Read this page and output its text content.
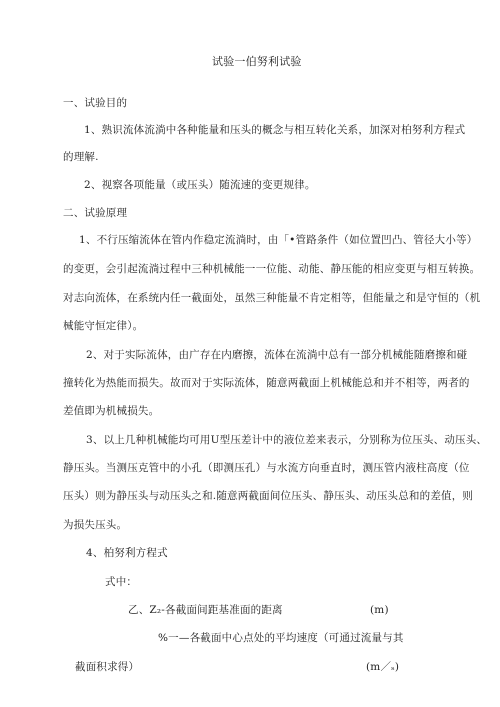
试验一伯努利试验
一、试验目的
1、熟识流体流淌中各种能量和压头的概念与相互转化关系，加深对柏努利方程式
的理解.
2、视察各项能量（或压头）随流速的变更规律。
二、试验原理
1、不行压缩流体在管内作稳定流淌时，由「•管路条件（如位置凹凸、管径大小等）
的变更，会引起流淌过程中三种机械能一一位能、动能、静压能的相应变更与相互转换。
对志向流体，在系统内任一截面处，虽然三种能量不肯定相等，但能量之和是守恒的（机
械能守恒定律）。
2、对于实际流体，由广存在内磨擦，流体在流淌中总有一部分机械能随磨擦和碰
撞转化为热能而损失。故而对于实际流体，随意两截面上机械能总和并不相等，两者的
差值即为机械损失。
3、以上几种机械能均可用U型压差计中的液位差来表示，分别称为位压头、动压头、
静压头。当测压克管中的小孔（即测压孔）与水流方向垂直时，测压管内液柱高度（位
压头）则为静压头与动压头之和.随意两截面间位压头、静压头、动压头总和的差值，则
为损失压头。
4、柏努利方程式
式中：
乙、Z₂-各截面间距基准面的距离	(m)
%一—各截面中心点处的平均速度（可通过流量与其
截面积求得）	(m／ₛ)
